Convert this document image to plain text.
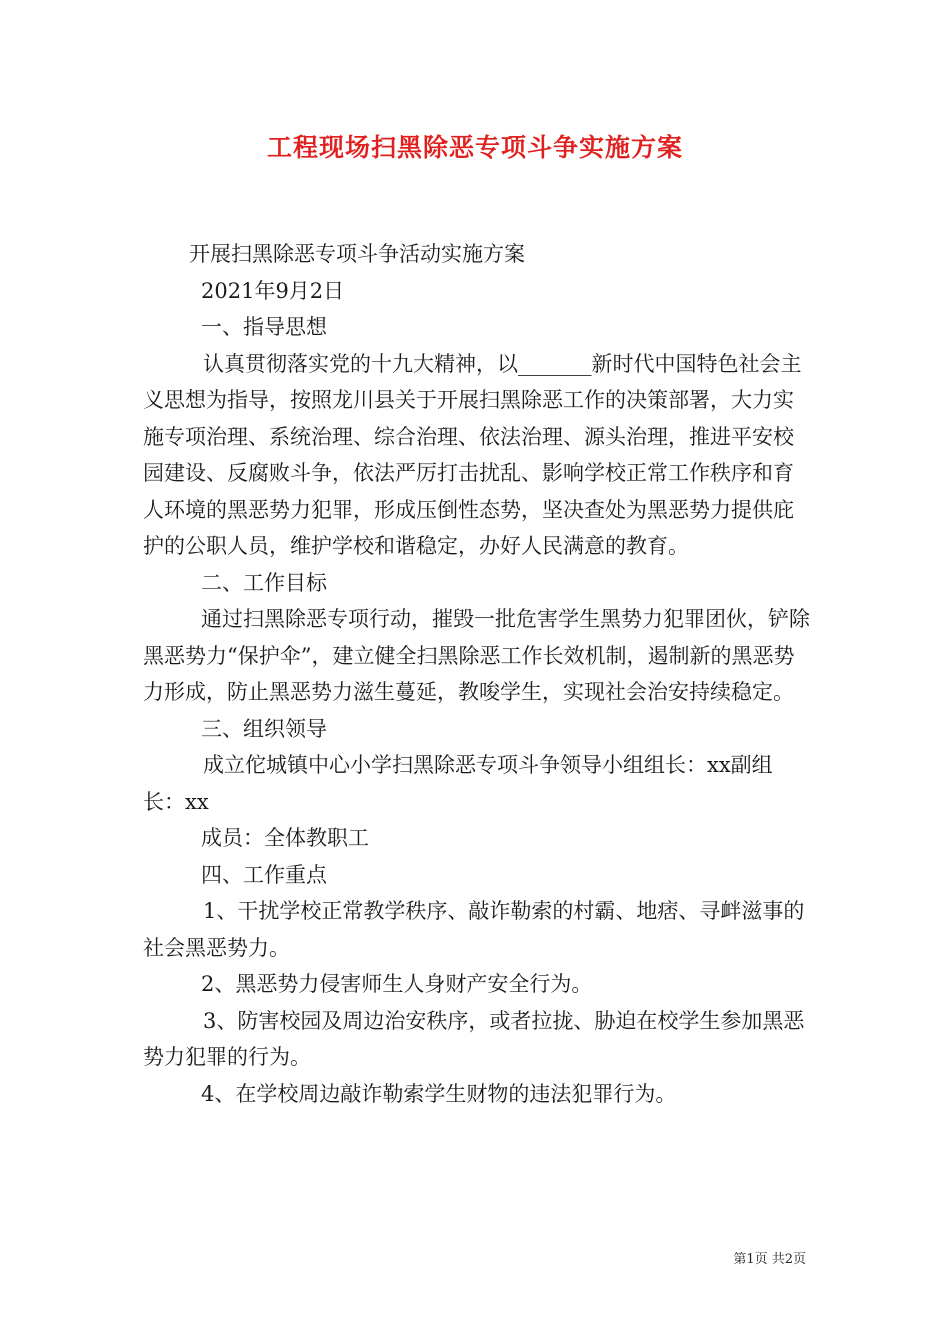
工程现场扫黑除恶专项斗争实施方案

开展扫黑除恶专项斗争活动实施方案

2021年9月2日

一、指导思想

认真贯彻落实党的十九大精神，以_______新时代中国特色社会主义思想为指导，按照龙川县关于开展扫黑除恶工作的决策部署，大力实施专项治理、系统治理、综合治理、依法治理、源头治理，推进平安校园建设、反腐败斗争，依法严厉打击扰乱、影响学校正常工作秩序和育人环境的黑恶势力犯罪，形成压倒性态势，坚决查处为黑恶势力提供庇护的公职人员，维护学校和谐稳定，办好人民满意的教育。

二、工作目标

通过扫黑除恶专项行动，摧毁一批危害学生黑势力犯罪团伙，铲除黑恶势力“保护伞”，建立健全扫黑除恶工作长效机制，遏制新的黑恶势力形成，防止黑恶势力滋生蔓延，教唆学生，实现社会治安持续稳定。

三、组织领导

成立佗城镇中心小学扫黑除恶专项斗争领导小组组长：xx副组长：xx

成员：全体教职工

四、工作重点

1、干扰学校正常教学秩序、敲诈勒索的村霸、地痞、寻衅滋事的社会黑恶势力。

2、黑恶势力侵害师生人身财产安全行为。

3、防害校园及周边治安秩序，或者拉拢、胁迫在校学生参加黑恶势力犯罪的行为。

4、在学校周边敲诈勒索学生财物的违法犯罪行为。

第1页 共2页
